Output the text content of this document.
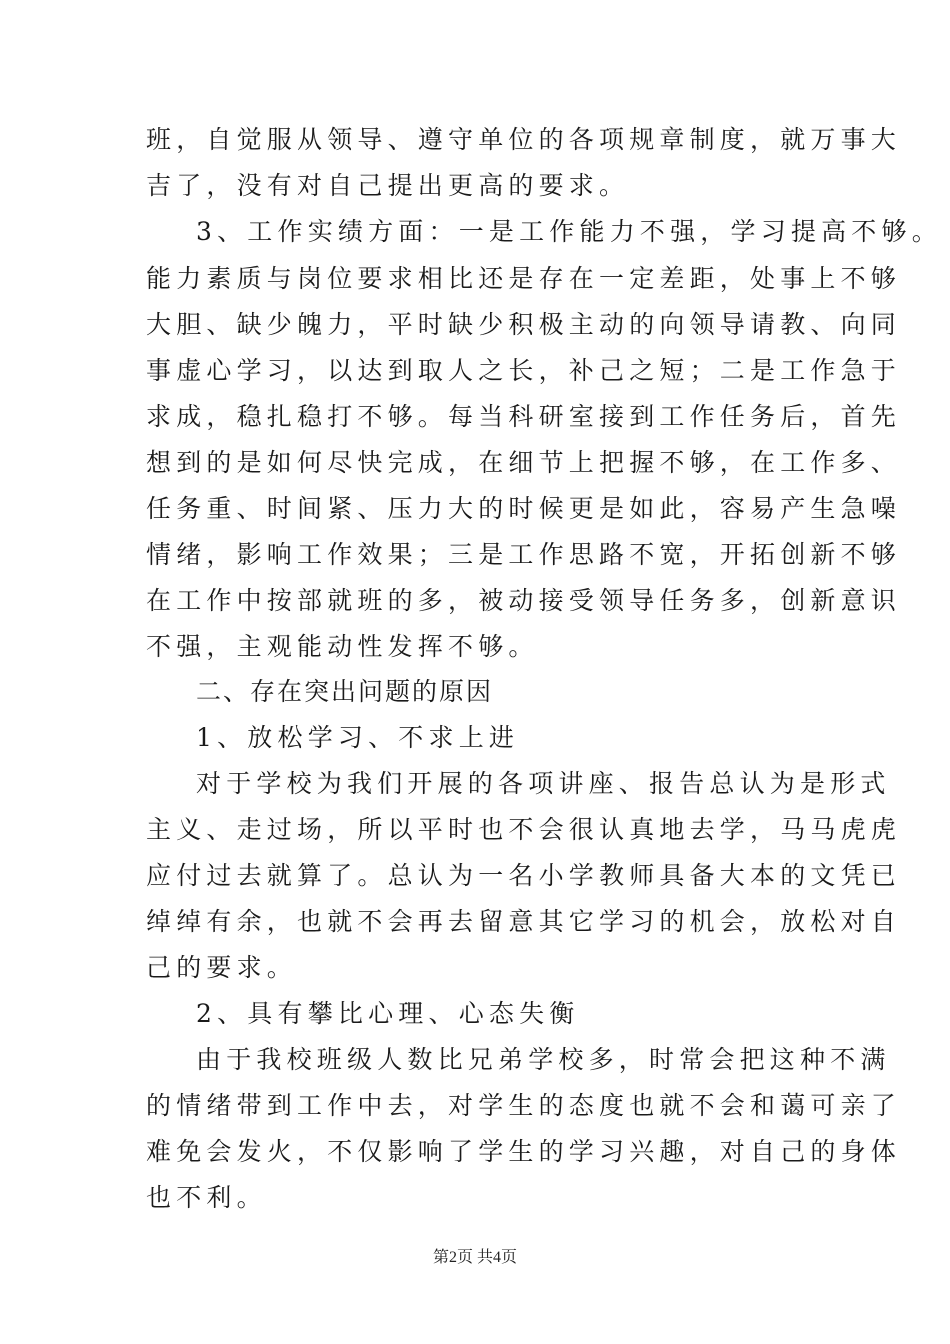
班，自觉服从领导、遵守单位的各项规章制度，就万事大
吉了，没有对自己提出更高的要求。
3、工作实绩方面：一是工作能力不强，学习提高不够。
能力素质与岗位要求相比还是存在一定差距，处事上不够
大胆、缺少魄力，平时缺少积极主动的向领导请教、向同
事虚心学习，以达到取人之长，补己之短；二是工作急于
求成，稳扎稳打不够。每当科研室接到工作任务后，首先
想到的是如何尽快完成，在细节上把握不够，在工作多、
任务重、时间紧、压力大的时候更是如此，容易产生急噪
情绪，影响工作效果；三是工作思路不宽，开拓创新不够
在工作中按部就班的多，被动接受领导任务多，创新意识
不强，主观能动性发挥不够。
二、存在突出问题的原因
1、放松学习、不求上进
对于学校为我们开展的各项讲座、报告总认为是形式
主义、走过场，所以平时也不会很认真地去学，马马虎虎
应付过去就算了。总认为一名小学教师具备大本的文凭已
绰绰有余，也就不会再去留意其它学习的机会，放松对自
己的要求。
2、具有攀比心理、心态失衡
由于我校班级人数比兄弟学校多，时常会把这种不满
的情绪带到工作中去，对学生的态度也就不会和蔼可亲了
难免会发火，不仅影响了学生的学习兴趣，对自己的身体
也不利。
第2页 共4页
